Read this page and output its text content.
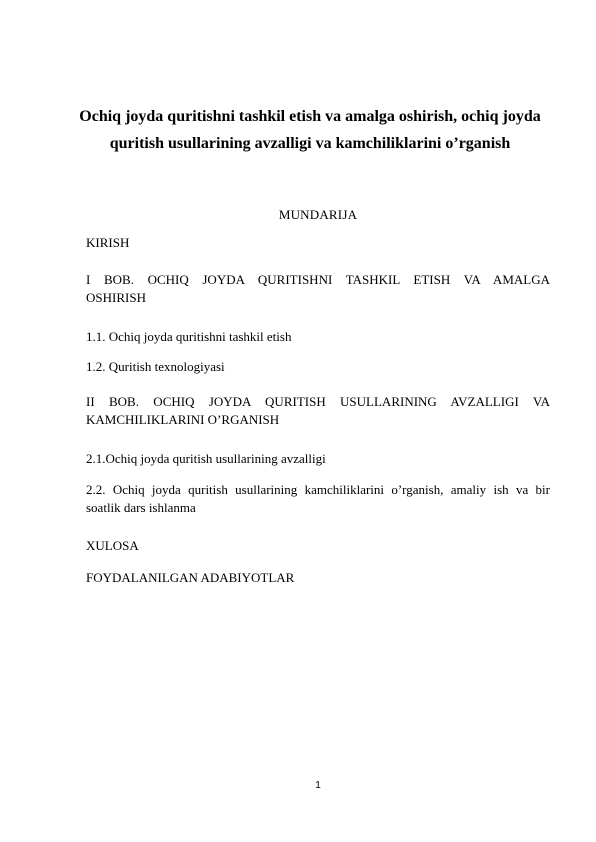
Ochiq joyda quritishni tashkil etish va amalga oshirish, ochiq joyda
quritish usullarining avzalligi va kamchiliklarini o’rganish
MUNDARIJA
KIRISH
I BOB. OCHIQ JOYDA QURITISHNI TASHKIL ETISH VA AMALGA
OSHIRISH
1.1. Ochiq joyda quritishni tashkil etish
1.2. Quritish texnologiyasi
II BOB. OCHIQ JOYDA QURITISH USULLARINING AVZALLIGI VA
KAMCHILIKLARINI O’RGANISH
2.1.Ochiq joyda quritish usullarining avzalligi
2.2. Ochiq joyda quritish usullarining kamchiliklarini o’rganish, amaliy ish va bir
soatlik dars ishlanma
XULOSA
FOYDALANILGAN ADABIYOTLAR
1
